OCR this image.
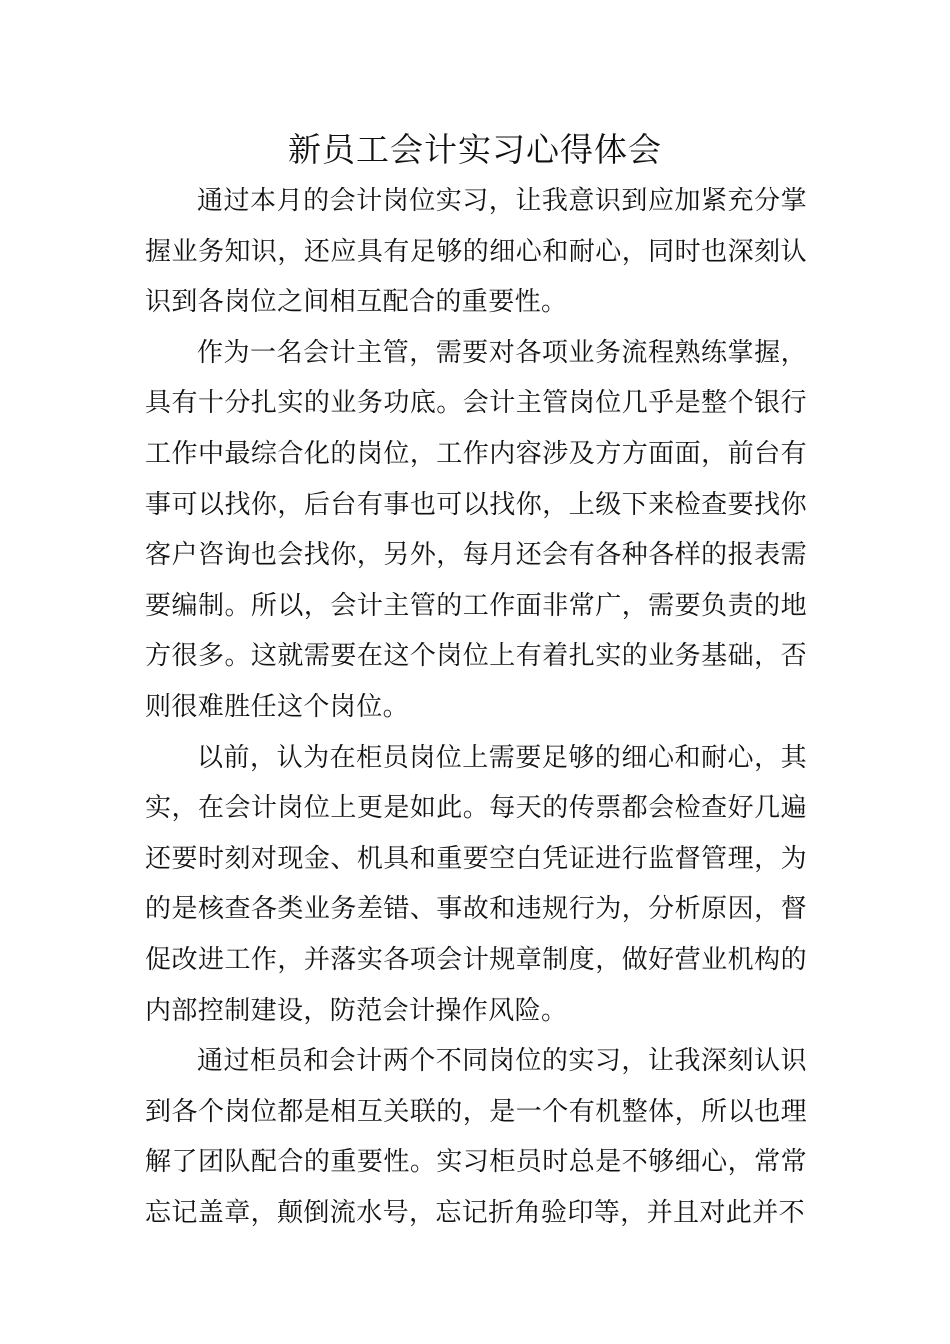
新员工会计实习心得体会

通过本月的会计岗位实习，让我意识到应加紧充分掌握业务知识，还应具有足够的细心和耐心，同时也深刻认识到各岗位之间相互配合的重要性。

作为一名会计主管，需要对各项业务流程熟练掌握，具有十分扎实的业务功底。会计主管岗位几乎是整个银行工作中最综合化的岗位，工作内容涉及方方面面，前台有事可以找你，后台有事也可以找你，上级下来检查要找你客户咨询也会找你，另外，每月还会有各种各样的报表需要编制。所以，会计主管的工作面非常广，需要负责的地方很多。这就需要在这个岗位上有着扎实的业务基础，否则很难胜任这个岗位。

以前，认为在柜员岗位上需要足够的细心和耐心，其实，在会计岗位上更是如此。每天的传票都会检查好几遍还要时刻对现金、机具和重要空白凭证进行监督管理，为的是核查各类业务差错、事故和违规行为，分析原因，督促改进工作，并落实各项会计规章制度，做好营业机构的内部控制建设，防范会计操作风险。

通过柜员和会计两个不同岗位的实习，让我深刻认识到各个岗位都是相互关联的，是一个有机整体，所以也理解了团队配合的重要性。实习柜员时总是不够细心，常常忘记盖章，颠倒流水号，忘记折角验印等，并且对此并不
